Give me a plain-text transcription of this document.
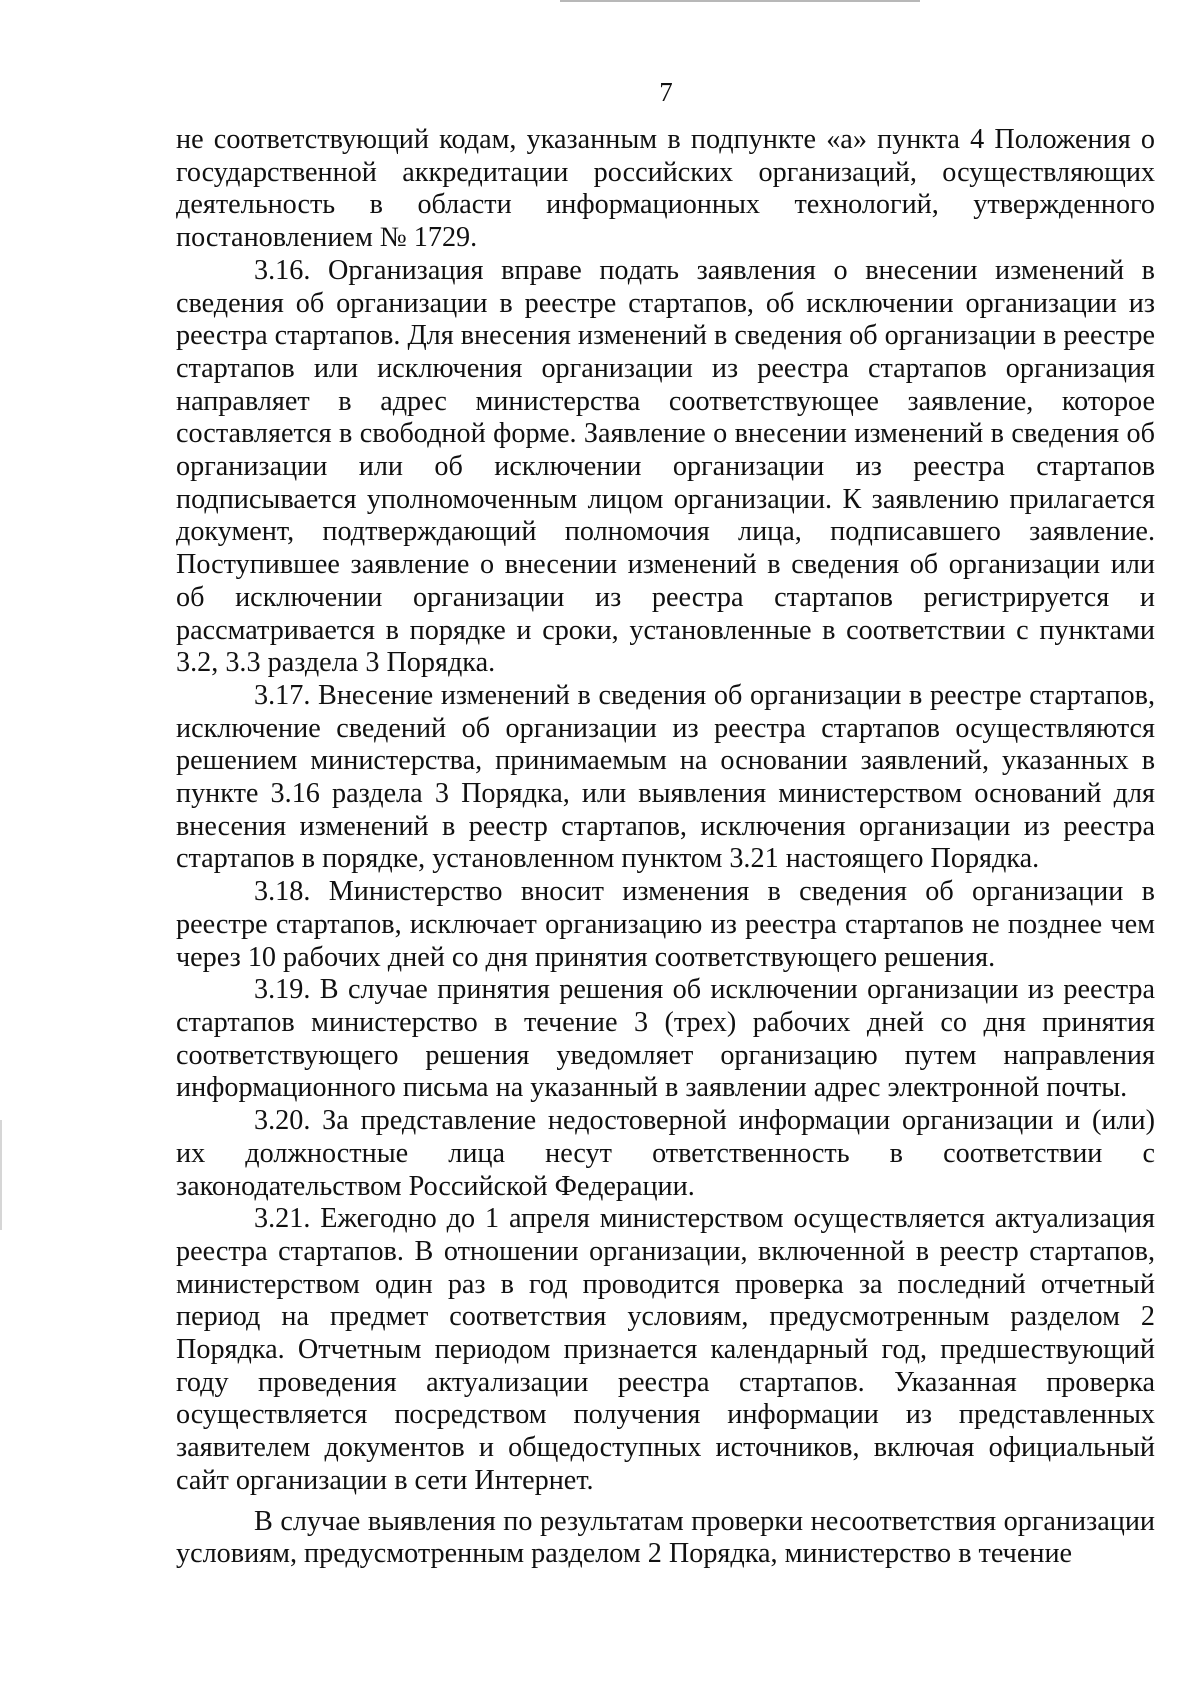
7

не соответствующий кодам, указанным в подпункте «а» пункта 4 Положения о государственной аккредитации российских организаций, осуществляющих деятельность в области информационных технологий, утвержденного постановлением № 1729.

3.16. Организация вправе подать заявления о внесении изменений в сведения об организации в реестре стартапов, об исключении организации из реестра стартапов. Для внесения изменений в сведения об организации в реестре стартапов или исключения организации из реестра стартапов организация направляет в адрес министерства соответствующее заявление, которое составляется в свободной форме. Заявление о внесении изменений в сведения об организации или об исключении организации из реестра стартапов подписывается уполномоченным лицом организации. К заявлению прилагается документ, подтверждающий полномочия лица, подписавшего заявление. Поступившее заявление о внесении изменений в сведения об организации или об исключении организации из реестра стартапов регистрируется и рассматривается в порядке и сроки, установленные в соответствии с пунктами 3.2, 3.3 раздела 3 Порядка.

3.17. Внесение изменений в сведения об организации в реестре стартапов, исключение сведений об организации из реестра стартапов осуществляются решением министерства, принимаемым на основании заявлений, указанных в пункте 3.16 раздела 3 Порядка, или выявления министерством оснований для внесения изменений в реестр стартапов, исключения организации из реестра стартапов в порядке, установленном пунктом 3.21 настоящего Порядка.

3.18. Министерство вносит изменения в сведения об организации в реестре стартапов, исключает организацию из реестра стартапов не позднее чем через 10 рабочих дней со дня принятия соответствующего решения.

3.19. В случае принятия решения об исключении организации из реестра стартапов министерство в течение 3 (трех) рабочих дней со дня принятия соответствующего решения уведомляет организацию путем направления информационного письма на указанный в заявлении адрес электронной почты.

3.20. За представление недостоверной информации организации и (или) их должностные лица несут ответственность в соответствии с законодательством Российской Федерации.

3.21. Ежегодно до 1 апреля министерством осуществляется актуализация реестра стартапов. В отношении организации, включенной в реестр стартапов, министерством один раз в год проводится проверка за последний отчетный период на предмет соответствия условиям, предусмотренным разделом 2 Порядка. Отчетным периодом признается календарный год, предшествующий году проведения актуализации реестра стартапов. Указанная проверка осуществляется посредством получения информации из представленных заявителем документов и общедоступных источников, включая официальный сайт организации в сети Интернет.

В случае выявления по результатам проверки несоответствия организации условиям, предусмотренным разделом 2 Порядка, министерство в течение
